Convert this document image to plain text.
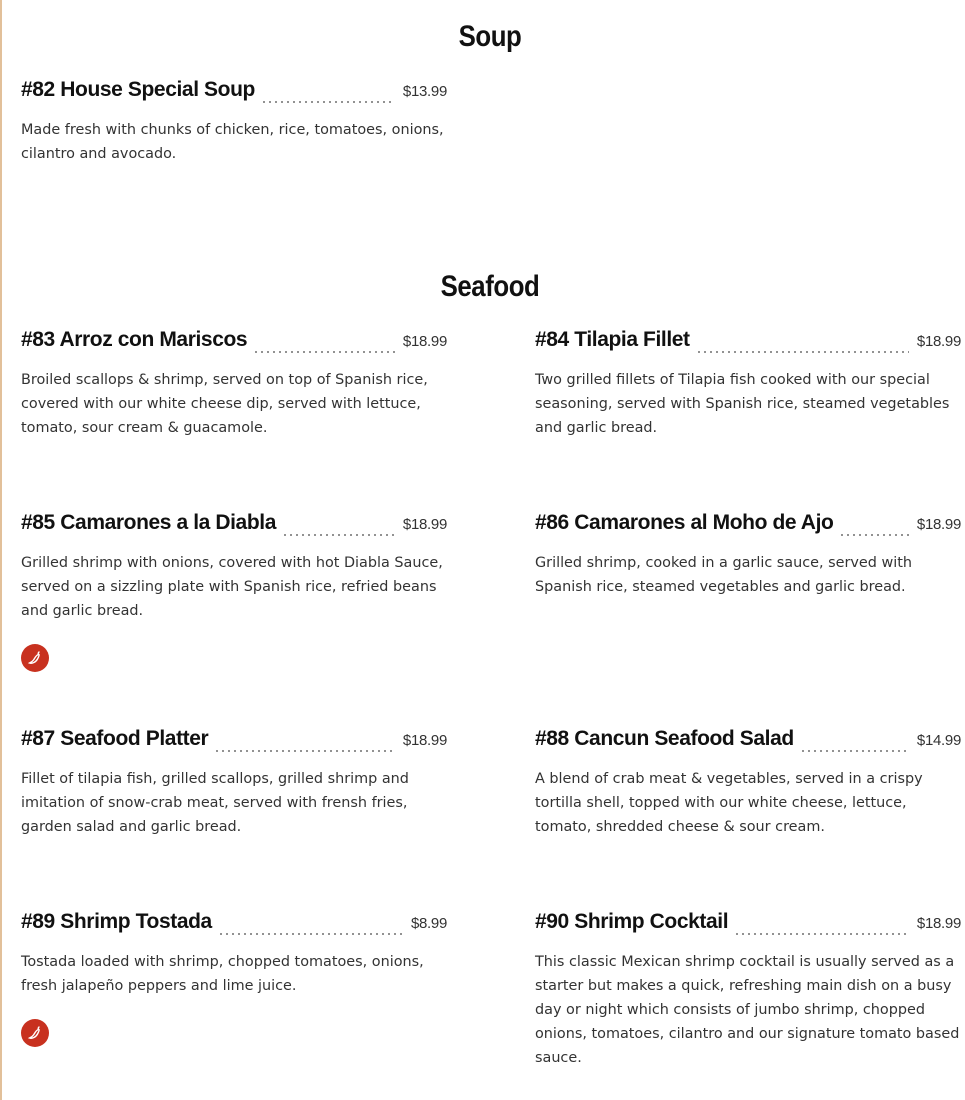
Soup
#82 House Special Soup	$13.99
Made fresh with chunks of chicken, rice, tomatoes, onions, cilantro and avocado.
Seafood
#83 Arroz con Mariscos	$18.99
Broiled scallops & shrimp, served on top of Spanish rice, covered with our white cheese dip, served with lettuce, tomato, sour cream & guacamole.
#84 Tilapia Fillet	$18.99
Two grilled fillets of Tilapia fish cooked with our special seasoning, served with Spanish rice, steamed vegetables and garlic bread.
#85 Camarones a la Diabla	$18.99
Grilled shrimp with onions, covered with hot Diabla Sauce, served on a sizzling plate with Spanish rice, refried beans and garlic bread.
#86 Camarones al Moho de Ajo	$18.99
Grilled shrimp, cooked in a garlic sauce, served with Spanish rice, steamed vegetables and garlic bread.
#87 Seafood Platter	$18.99
Fillet of tilapia fish, grilled scallops, grilled shrimp and imitation of snow-crab meat, served with frensh fries, garden salad and garlic bread.
#88 Cancun Seafood Salad	$14.99
A blend of crab meat & vegetables, served in a crispy tortilla shell, topped with our white cheese, lettuce, tomato, shredded cheese & sour cream.
#89 Shrimp Tostada	$8.99
Tostada loaded with shrimp, chopped tomatoes, onions, fresh jalapeño peppers and lime juice.
#90 Shrimp Cocktail	$18.99
This classic Mexican shrimp cocktail is usually served as a starter but makes a quick, refreshing main dish on a busy day or night which consists of jumbo shrimp, chopped onions, tomatoes, cilantro and our signature tomato based sauce.
